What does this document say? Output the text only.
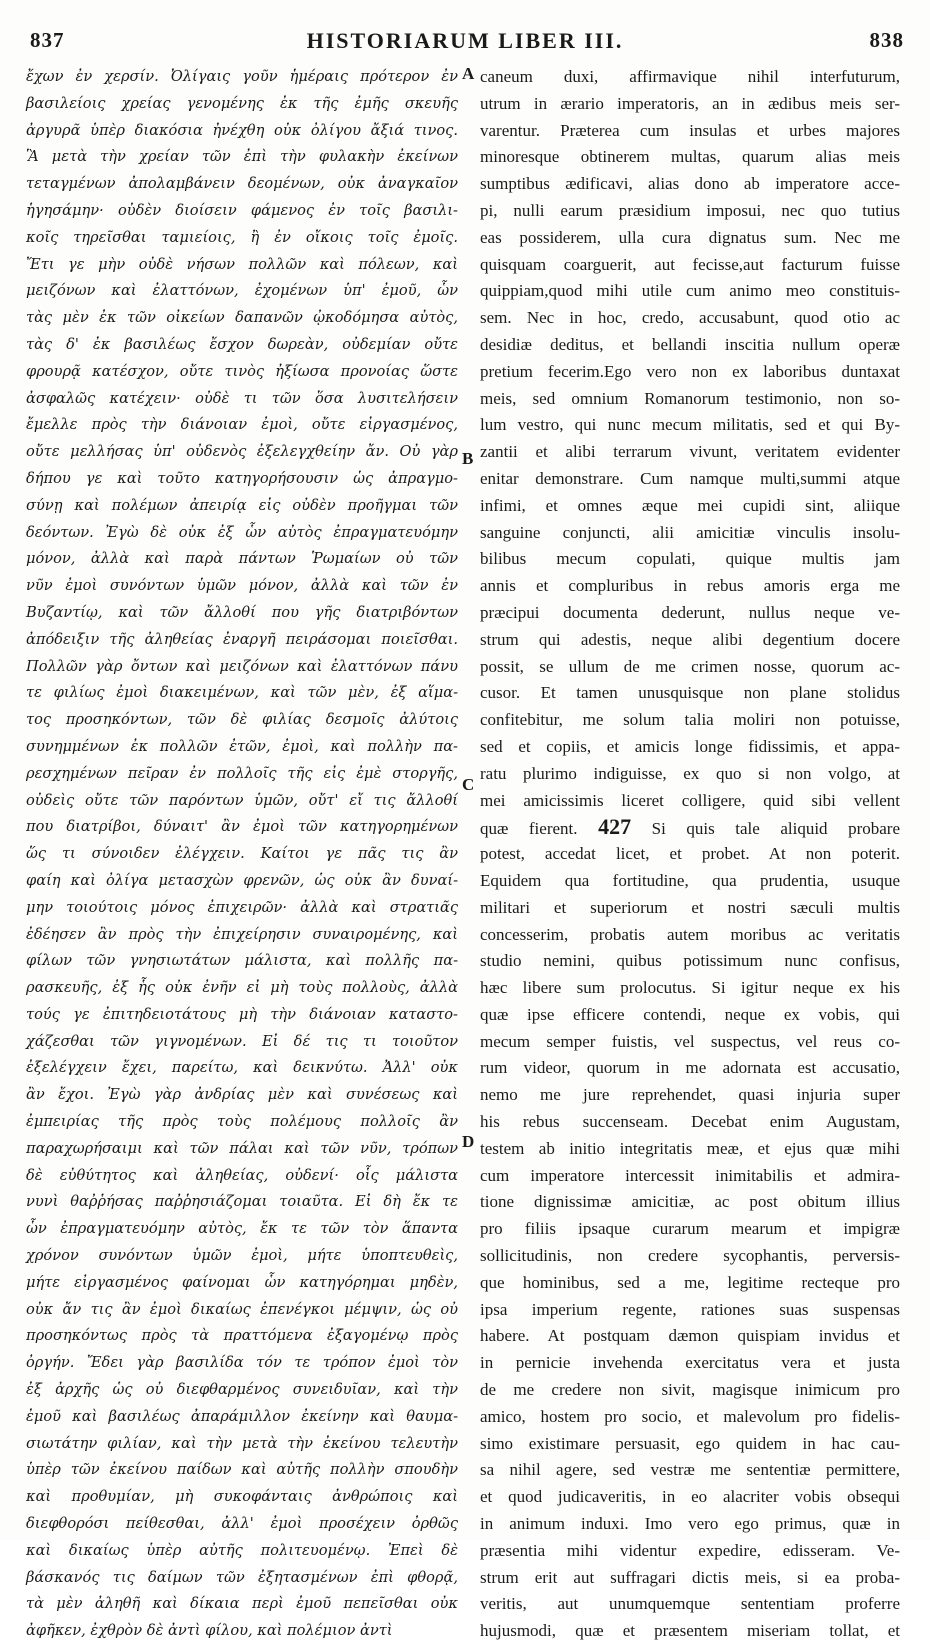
837	HISTORIARUM LIBER III.	838
ἔχων ἐν χερσίν. Ὀλίγαις γοῦν ἡμέραις πρότερον ἐν
βασιλείοις χρείας γενομένης ἐκ τῆς ἐμῆς σκευῆς
ἀργυρᾶ ὑπὲρ διακόσια ἠνέχθη οὐκ ὀλίγου ἄξιά τινος.
Ἃ μετὰ τὴν χρείαν τῶν ἐπὶ τὴν φυλακὴν ἐκείνων
τεταγμένων ἀπολαμβάνειν δεομένων, οὐκ ἀναγκαῖον
ἡγησάμην· οὐδὲν διοίσειν φάμενος ἐν τοῖς βασιλι-
κοῖς τηρεῖσθαι ταμιείοις, ἢ ἐν οἴκοις τοῖς ἐμοῖς.
Ἔτι γε μὴν οὐδὲ νήσων πολλῶν καὶ πόλεων, καὶ
μειζόνων καὶ ἐλαττόνων, ἐχομένων ὑπ' ἐμοῦ, ὧν
τὰς μὲν ἐκ τῶν οἰκείων δαπανῶν ᾠκοδόμησα αὐτὸς,
τὰς δ' ἐκ βασιλέως ἔσχον δωρεὰν, οὐδεμίαν οὔτε
φρουρᾷ κατέσχον, οὔτε τινὸς ἠξίωσα προνοίας ὥστε
ἀσφαλῶς κατέχειν· οὐδὲ τι τῶν ὅσα λυσιτελήσειν
ἔμελλε πρὸς τὴν διάνοιαν ἐμοὶ, οὔτε εἰργασμένος,
οὔτε μελλήσας ὑπ' οὐδενὸς ἐξελεγχθείην ἄν. Οὐ γὰρ
δήπου γε καὶ τοῦτο κατηγορήσουσιν ὡς ἀπραγμο-
σύνῃ καὶ πολέμων ἀπειρίᾳ εἰς οὐδὲν προῆγμαι τῶν
δεόντων. Ἐγὼ δὲ οὐκ ἐξ ὧν αὐτὸς ἐπραγματευόμην
μόνον, ἀλλὰ καὶ παρὰ πάντων Ῥωμαίων οὐ τῶν
νῦν ἐμοὶ συνόντων ὑμῶν μόνον, ἀλλὰ καὶ τῶν ἐν
Βυζαντίῳ, καὶ τῶν ἄλλοθί που γῆς διατριβόντων
ἀπόδειξιν τῆς ἀληθείας ἐναργῆ πειράσομαι ποιεῖσθαι.
Πολλῶν γὰρ ὄντων καὶ μειζόνων καὶ ἐλαττόνων πάνυ
τε φιλίως ἐμοὶ διακειμένων, καὶ τῶν μὲν, ἐξ αἵμα-
τος προσηκόντων, τῶν δὲ φιλίας δεσμοῖς ἀλύτοις
συνημμένων ἐκ πολλῶν ἐτῶν, ἐμοὶ, καὶ πολλὴν πα-
ρεσχημένων πεῖραν ἐν πολλοῖς τῆς εἰς ἐμὲ στοργῆς,
οὐδεὶς οὔτε τῶν παρόντων ὑμῶν, οὔτ' εἴ τις ἄλλοθί
που διατρίβοι, δύναιτ' ἂν ἐμοὶ τῶν κατηγορημένων
ὥς τι σύνοιδεν ἐλέγχειν. Καίτοι γε πᾶς τις ἂν
φαίη καὶ ὀλίγα μετασχὼν φρενῶν, ὡς οὐκ ἂν δυναί-
μην τοιούτοις μόνος ἐπιχειρῶν· ἀλλὰ καὶ στρατιᾶς
ἐδέησεν ἂν πρὸς τὴν ἐπιχείρησιν συναιρομένης, καὶ
φίλων τῶν γνησιωτάτων μάλιστα, καὶ πολλῆς πα-
ρασκευῆς, ἐξ ἧς οὐκ ἐνῆν εἰ μὴ τοὺς πολλοὺς, ἀλλὰ
τούς γε ἐπιτηδειοτάτους μὴ τὴν διάνοιαν καταστο-
χάζεσθαι τῶν γιγνομένων. Εἰ δέ τις τι τοιοῦτον
ἐξελέγχειν ἔχει, παρείτω, καὶ δεικνύτω. Ἀλλ' οὐκ
ἂν ἔχοι. Ἐγὼ γὰρ ἀνδρίας μὲν καὶ συνέσεως καὶ
ἐμπειρίας τῆς πρὸς τοὺς πολέμους πολλοῖς ἂν
παραχωρήσαιμι καὶ τῶν πάλαι καὶ τῶν νῦν, τρόπων
δὲ εὐθύτητος καὶ ἀληθείας, οὐδενί· οἷς μάλιστα
νυνὶ θαῤῥήσας παῤῥησιάζομαι τοιαῦτα. Εἰ δὴ ἔκ τε
ὧν ἐπραγματευόμην αὐτὸς, ἔκ τε τῶν τὸν ἅπαντα
χρόνον συνόντων ὑμῶν ἐμοὶ, μήτε ὑποπτευθεὶς,
μήτε εἰργασμένος φαίνομαι ὧν κατηγόρημαι μηδὲν,
οὐκ ἄν τις ἂν ἐμοὶ δικαίως ἐπενέγκοι μέμψιν, ὡς οὐ
προσηκόντως πρὸς τὰ πραττόμενα ἐξαγομένῳ πρὸς
ὀργήν. Ἔδει γὰρ βασιλίδα τόν τε τρόπον ἐμοὶ τὸν
ἐξ ἀρχῆς ὡς οὐ διεφθαρμένος συνειδυῖαν, καὶ τὴν
ἐμοῦ καὶ βασιλέως ἀπαράμιλλον ἐκείνην καὶ θαυμα-
σιωτάτην φιλίαν, καὶ τὴν μετὰ τὴν ἐκείνου τελευτὴν
ὑπὲρ τῶν ἐκείνου παίδων καὶ αὐτῆς πολλὴν σπουδὴν
καὶ προθυμίαν, μὴ συκοφάνταις ἀνθρώποις καὶ
διεφθορόσι πείθεσθαι, ἀλλ' ἐμοὶ προσέχειν ὀρθῶς
καὶ δικαίως ὑπὲρ αὐτῆς πολιτευομένῳ. Ἐπεὶ δὲ
βάσκανός τις δαίμων τῶν ἐξητασμένων ἐπὶ φθορᾷ,
τὰ μὲν ἀληθῆ καὶ δίκαια περὶ ἐμοῦ πεπεῖσθαι οὐκ
ἀφῆκεν, ἐχθρὸν δὲ ἀντὶ φίλου, καὶ πολέμιον ἀντὶ
caneum duxi, affirmavique nihil interfuturum,
utrum in ærario imperatoris, an in ædibus meis ser-
varentur. Præterea cum insulas et urbes majores
minoresque obtinerem multas, quarum alias meis
sumptibus ædificavi, alias dono ab imperatore acce-
pi, nulli earum præsidium imposui, nec quo tutius
eas possiderem, ulla cura dignatus sum. Nec me
quisquam coarguerit, aut fecisse,aut facturum fuisse
quippiam,quod mihi utile cum animo meo constituis-
sem. Nec in hoc, credo, accusabunt, quod otio ac
desidiæ deditus, et bellandi inscitia nullum operæ
pretium fecerim.Ego vero non ex laboribus duntaxat
meis, sed omnium Romanorum testimonio, non so-
lum vestro, qui nunc mecum militatis, sed et qui By-
zantii et alibi terrarum vivunt, veritatem evidenter
enitar demonstrare. Cum namque multi,summi atque
infimi, et omnes æque mei cupidi sint, aliique
sanguine conjuncti, alii amicitiæ vinculis insolu-
bilibus mecum copulati, quique multis jam
annis et compluribus in rebus amoris erga me
præcipui documenta dederunt, nullus neque ve-
strum qui adestis, neque alibi degentium docere
possit, se ullum de me crimen nosse, quorum ac-
cusor. Et tamen unusquisque non plane stolidus
confitebitur, me solum talia moliri non potuisse,
sed et copiis, et amicis longe fidissimis, et appa-
ratu plurimo indiguisse, ex quo si non volgo, at
mei amicissimis liceret colligere, quid sibi vellent
quæ fierent. 427 Si quis tale aliquid probare
potest, accedat licet, et probet. At non poterit.
Equidem qua fortitudine, qua prudentia, usuque
militari et superiorum et nostri sæculi multis
concesserim, probatis autem moribus ac veritatis
studio nemini, quibus potissimum nunc confisus,
hæc libere sum prolocutus. Si igitur neque ex his
quæ ipse efficere contendi, neque ex vobis, qui
mecum semper fuistis, vel suspectus, vel reus co-
rum videor, quorum in me adornata est accusatio,
nemo me jure reprehendet, quasi injuria super
his rebus succenseam. Decebat enim Augustam,
testem ab initio integritatis meæ, et ejus quæ mihi
cum imperatore intercessit inimitabilis et admira-
tione dignissimæ amicitiæ, ac post obitum illius
pro filiis ipsaque curarum mearum et impigræ
sollicitudinis, non credere sycophantis, perversis-
que hominibus, sed a me, legitime recteque pro
ipsa imperium regente, rationes suas suspensas
habere. At postquam dæmon quispiam invidus et
in pernicie invehenda exercitatus vera et justa
de me credere non sivit, magisque inimicum pro
amico, hostem pro socio, et malevolum pro fidelis-
simo existimare persuasit, ego quidem in hac cau-
sa nihil agere, sed vestræ me sententiæ permittere,
et quod judicaveritis, in eo alacriter vobis obsequi
in animum induxi. Imo vero ego primus, quæ in
præsentia mihi videntur expedire, edisseram. Ve-
strum erit aut suffragari dictis meis, si ea proba-
veritis, aut unumquemque sententiam proferre
hujusmodi, quæ et præsentem miseriam tollat, et
A
B
C
D
